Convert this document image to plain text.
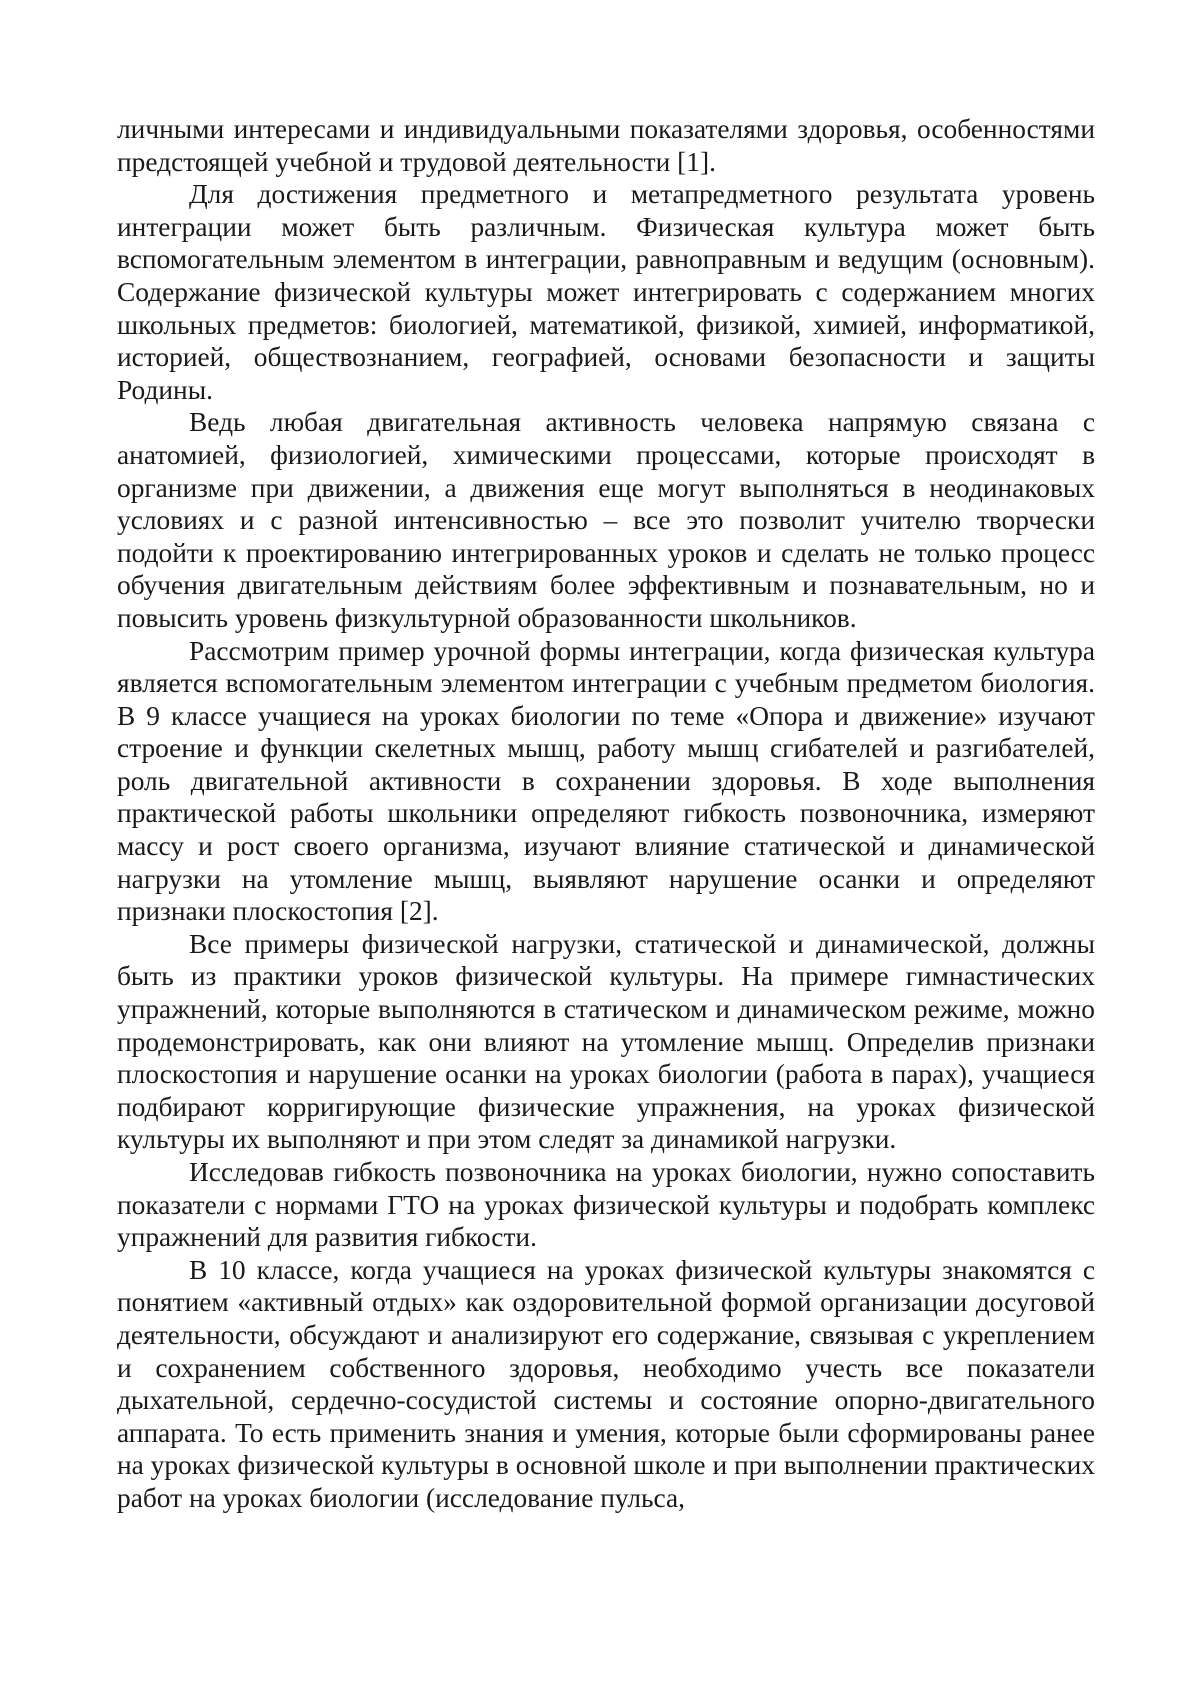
личными интересами и индивидуальными показателями здоровья, особенностями предстоящей учебной и трудовой деятельности [1].

Для достижения предметного и метапредметного результата уровень интеграции может быть различным. Физическая культура может быть вспомогательным элементом в интеграции, равноправным и ведущим (основным). Содержание физической культуры может интегрировать с содержанием многих школьных предметов: биологией, математикой, физикой, химией, информатикой, историей, обществознанием, географией, основами безопасности и защиты Родины.

Ведь любая двигательная активность человека напрямую связана с анатомией, физиологией, химическими процессами, которые происходят в организме при движении, а движения еще могут выполняться в неодинаковых условиях и с разной интенсивностью – все это позволит учителю творчески подойти к проектированию интегрированных уроков и сделать не только процесс обучения двигательным действиям более эффективным и познавательным, но и повысить уровень физкультурной образованности школьников.

Рассмотрим пример урочной формы интеграции, когда физическая культура является вспомогательным элементом интеграции с учебным предметом биология. В 9 классе учащиеся на уроках биологии по теме «Опора и движение» изучают строение и функции скелетных мышц, работу мышц сгибателей и разгибателей, роль двигательной активности в сохранении здоровья. В ходе выполнения практической работы школьники определяют гибкость позвоночника, измеряют массу и рост своего организма, изучают влияние статической и динамической нагрузки на утомление мышц, выявляют нарушение осанки и определяют признаки плоскостопия [2].

Все примеры физической нагрузки, статической и динамической, должны быть из практики уроков физической культуры. На примере гимнастических упражнений, которые выполняются в статическом и динамическом режиме, можно продемонстрировать, как они влияют на утомление мышц. Определив признаки плоскостопия и нарушение осанки на уроках биологии (работа в парах), учащиеся подбирают корригирующие физические упражнения, на уроках физической культуры их выполняют и при этом следят за динамикой нагрузки.

Исследовав гибкость позвоночника на уроках биологии, нужно сопоставить показатели с нормами ГТО на уроках физической культуры и подобрать комплекс упражнений для развития гибкости.

В 10 классе, когда учащиеся на уроках физической культуры знакомятся с понятием «активный отдых» как оздоровительной формой организации досуговой деятельности, обсуждают и анализируют его содержание, связывая с укреплением и сохранением собственного здоровья, необходимо учесть все показатели дыхательной, сердечно-сосудистой системы и состояние опорно-двигательного аппарата. То есть применить знания и умения, которые были сформированы ранее на уроках физической культуры в основной школе и при выполнении практических работ на уроках биологии (исследование пульса,
